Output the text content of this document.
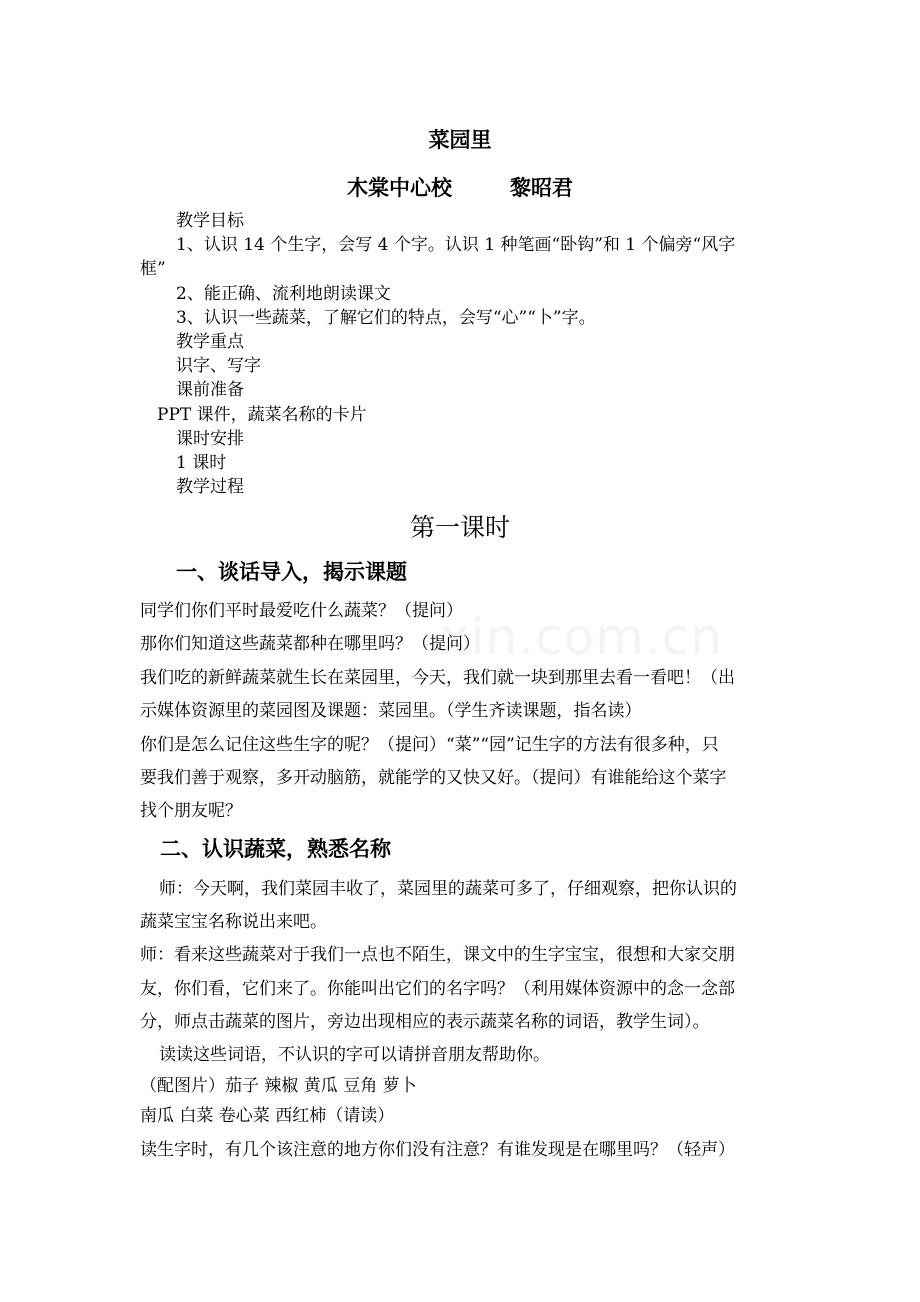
xin.com.cn
菜园里
木棠中心校	黎昭君
教学目标
1、认识 14 个生字，会写 4 个字。认识 1 种笔画“卧钩”和 1 个偏旁“风字
框”
2、能正确、流利地朗读课文
3、认识一些蔬菜，了解它们的特点，会写“心”“卜”字。
教学重点
识字、写字
课前准备
PPT 课件，蔬菜名称的卡片
课时安排
1 课时
教学过程
第一课时
一、谈话导入，揭示课题
同学们你们平时最爱吃什么蔬菜？（提问）
那你们知道这些蔬菜都种在哪里吗？（提问）
我们吃的新鲜蔬菜就生长在菜园里，今天，我们就一块到那里去看一看吧！（出
示媒体资源里的菜园图及课题：菜园里。（学生齐读课题，指名读）
你们是怎么记住这些生字的呢？（提问）“菜”“园”记生字的方法有很多种，只
要我们善于观察，多开动脑筋，就能学的又快又好。（提问）有谁能给这个菜字
找个朋友呢？
二、认识蔬菜，熟悉名称
师：今天啊，我们菜园丰收了，菜园里的蔬菜可多了，仔细观察，把你认识的
蔬菜宝宝名称说出来吧。
师：看来这些蔬菜对于我们一点也不陌生，课文中的生字宝宝，很想和大家交朋
友，你们看，它们来了。你能叫出它们的名字吗？（利用媒体资源中的念一念部
分，师点击蔬菜的图片，旁边出现相应的表示蔬菜名称的词语，教学生词）。
读读这些词语，不认识的字可以请拼音朋友帮助你。
（配图片）茄子 辣椒 黄瓜 豆角 萝卜
南瓜 白菜 卷心菜 西红柿（请读）
读生字时，有几个该注意的地方你们没有注意？有谁发现是在哪里吗？（轻声）
